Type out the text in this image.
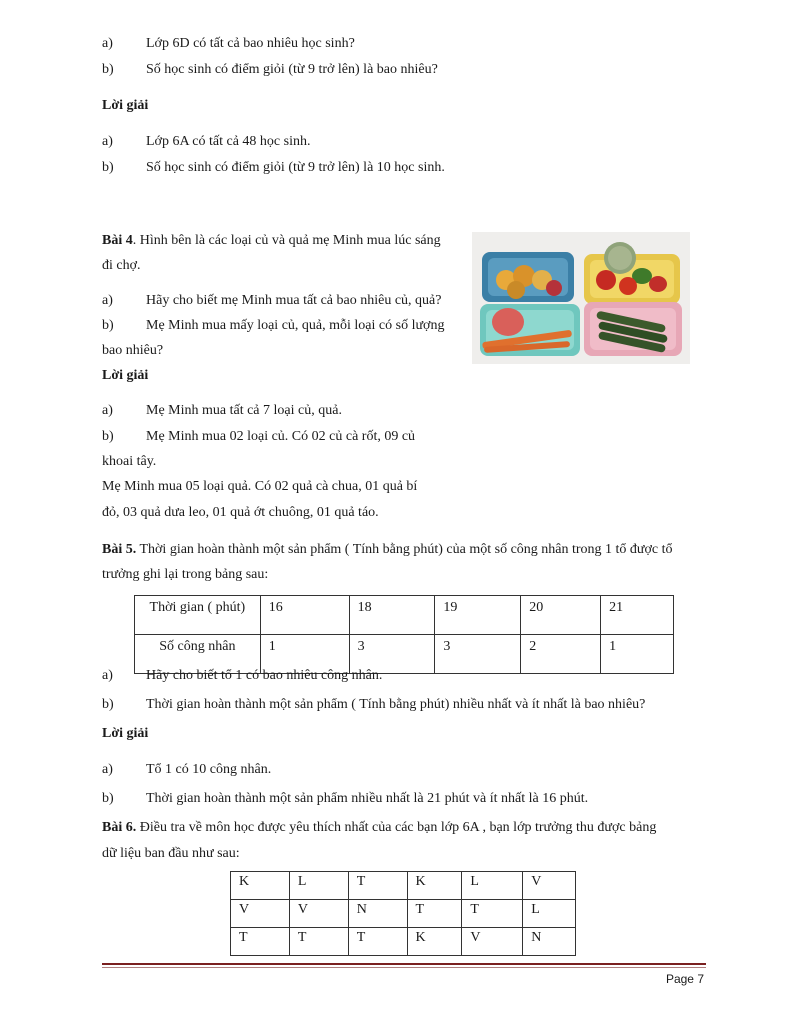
a) Lớp 6D có tất cả bao nhiêu học sinh?
b) Số học sinh có điểm giỏi (từ 9 trở lên) là bao nhiêu?
Lời giải
a) Lớp 6A có tất cả 48 học sinh.
b) Số học sinh có điểm giỏi (từ 9 trở lên) là 10 học sinh.
Bài 4. Hình bên là các loại củ và quả mẹ Minh mua lúc sáng
đi chợ.
a) Hãy cho biết mẹ Minh mua tất cả bao nhiêu củ, quả?
b) Mẹ Minh mua mấy loại củ, quả, mỗi loại có số lượng
bao nhiêu?
Lời giải
a) Mẹ Minh mua tất cả 7 loại củ, quả.
b) Mẹ Minh mua 02 loại củ. Có 02 củ cà rốt, 09 củ
khoai tây.
Mẹ Minh mua 05 loại quả. Có 02 quả cà chua, 01 quả bí
đỏ, 03 quả dưa leo, 01 quả ớt chuông, 01 quả táo.
Bài 5. Thời gian hoàn thành một sản phẩm ( Tính bằng phút) của một số công nhân trong 1 tổ được tổ
trưởng ghi lại trong bảng sau:
Thời gian ( phút)	16	18	19	20	21
Số công nhân	1	3	3	2	1
a) Hãy cho biết tổ 1 có bao nhiêu công nhân.
b) Thời gian hoàn thành một sản phẩm ( Tính bằng phút) nhiều nhất và ít nhất là bao nhiêu?
Lời giải
a) Tổ 1 có 10 công nhân.
b) Thời gian hoàn thành một sản phẩm nhiều nhất là 21 phút và ít nhất là 16 phút.
Bài 6. Điều tra về môn học được yêu thích nhất của các bạn lớp 6A , bạn lớp trưởng thu được bảng
dữ liệu ban đầu như sau:
K	L	T	K	L	V
V	V	N	T	T	L
T	T	T	K	V	N
Page 7
